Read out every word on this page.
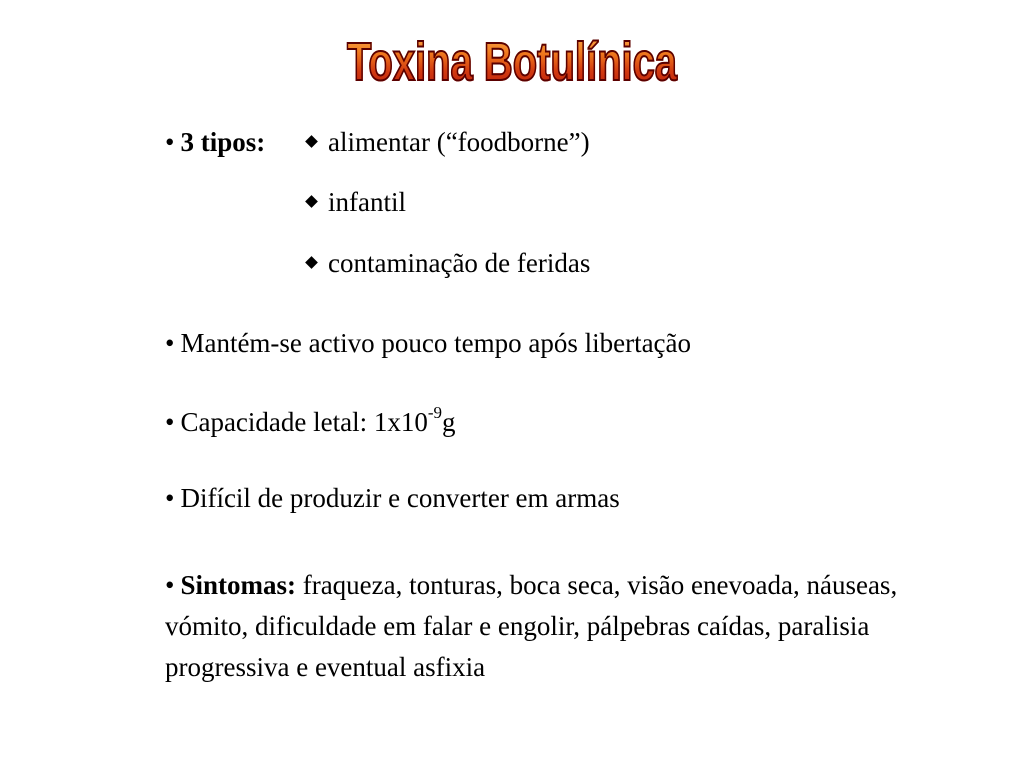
Toxina Botulínica
• 3 tipos:	alimentar (“foodborne”)
infantil
contaminação de feridas
• Mantém-se activo pouco tempo após libertação
• Capacidade letal: $1x10^{-9}g$
• Difícil de produzir e converter em armas
• Sintomas: fraqueza, tonturas, boca seca, visão enevoada, náuseas, vómito, dificuldade em falar e engolir, pálpebras caídas, paralisia progressiva e eventual asfixia
